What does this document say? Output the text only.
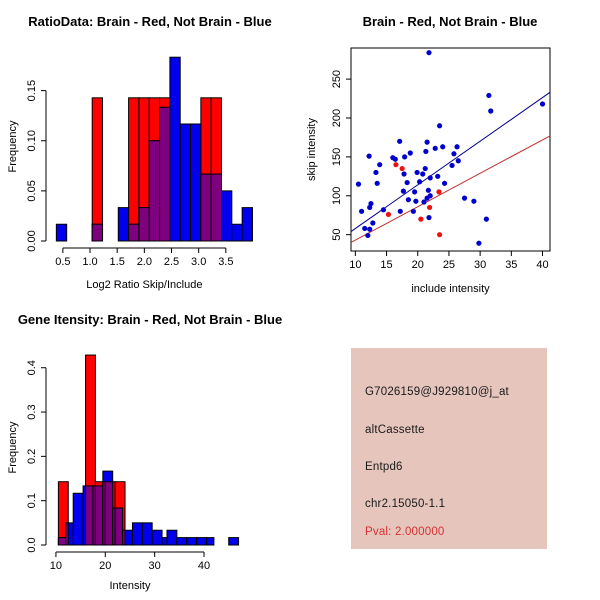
RatioData: Brain - Red, Not Brain - Blue
0.5 1.0 1.5 2.0 2.5 3.0 3.5
Log2 Ratio Skip/Include
0.00
0.05
0.10
0.15
Frequency
Brain - Red, Not Brain - Blue
10 15 20 25 30 35 40
include intensity
50
100
150
200
250
skip intensity
Gene Itensity: Brain - Red, Not Brain - Blue
10	20	30	40
Intensity
0.0
0.1
0.2
0.3
0.4
Frequency
G7026159@J929810@j_at
altCassette
Entpd6
chr2.15050-1.1
Pval: 2.000000
